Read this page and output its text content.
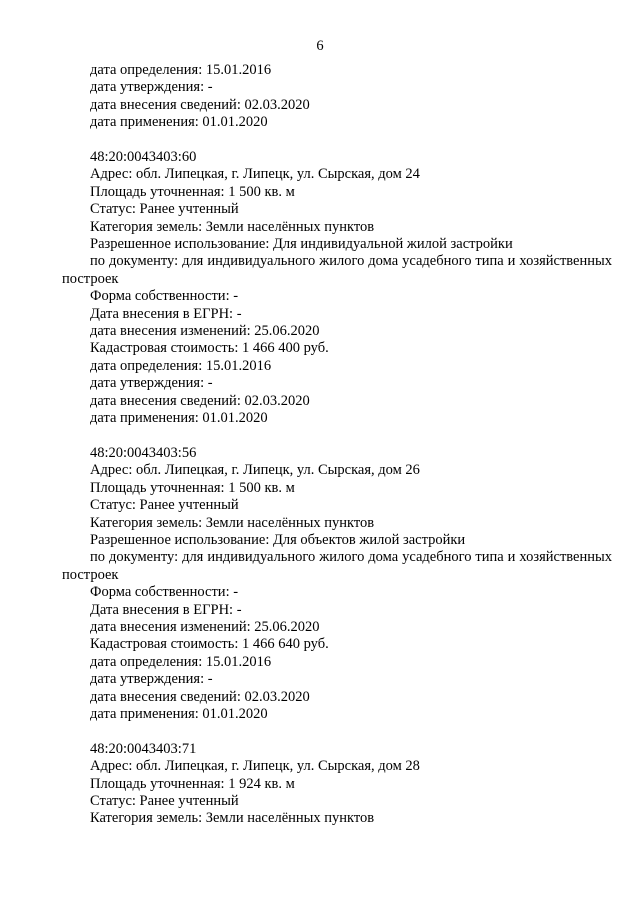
6
дата определения: 15.01.2016
дата утверждения: -
дата внесения сведений: 02.03.2020
дата применения: 01.01.2020
48:20:0043403:60
Адрес: обл. Липецкая, г. Липецк, ул. Сырская, дом 24
Площадь уточненная: 1 500 кв. м
Статус: Ранее учтенный
Категория земель: Земли населённых пунктов
Разрешенное использование: Для индивидуальной жилой застройки
по документу: для индивидуального жилого дома усадебного типа и хозяйственных построек
Форма собственности: -
Дата внесения в ЕГРН: -
дата внесения изменений: 25.06.2020
Кадастровая стоимость: 1 466 400 руб.
дата определения: 15.01.2016
дата утверждения: -
дата внесения сведений: 02.03.2020
дата применения: 01.01.2020
48:20:0043403:56
Адрес: обл. Липецкая, г. Липецк, ул. Сырская, дом 26
Площадь уточненная: 1 500 кв. м
Статус: Ранее учтенный
Категория земель: Земли населённых пунктов
Разрешенное использование: Для объектов жилой застройки
по документу: для индивидуального жилого дома усадебного типа и хозяйственных построек
Форма собственности: -
Дата внесения в ЕГРН: -
дата внесения изменений: 25.06.2020
Кадастровая стоимость: 1 466 640 руб.
дата определения: 15.01.2016
дата утверждения: -
дата внесения сведений: 02.03.2020
дата применения: 01.01.2020
48:20:0043403:71
Адрес: обл. Липецкая, г. Липецк, ул. Сырская, дом 28
Площадь уточненная: 1 924 кв. м
Статус: Ранее учтенный
Категория земель: Земли населённых пунктов
